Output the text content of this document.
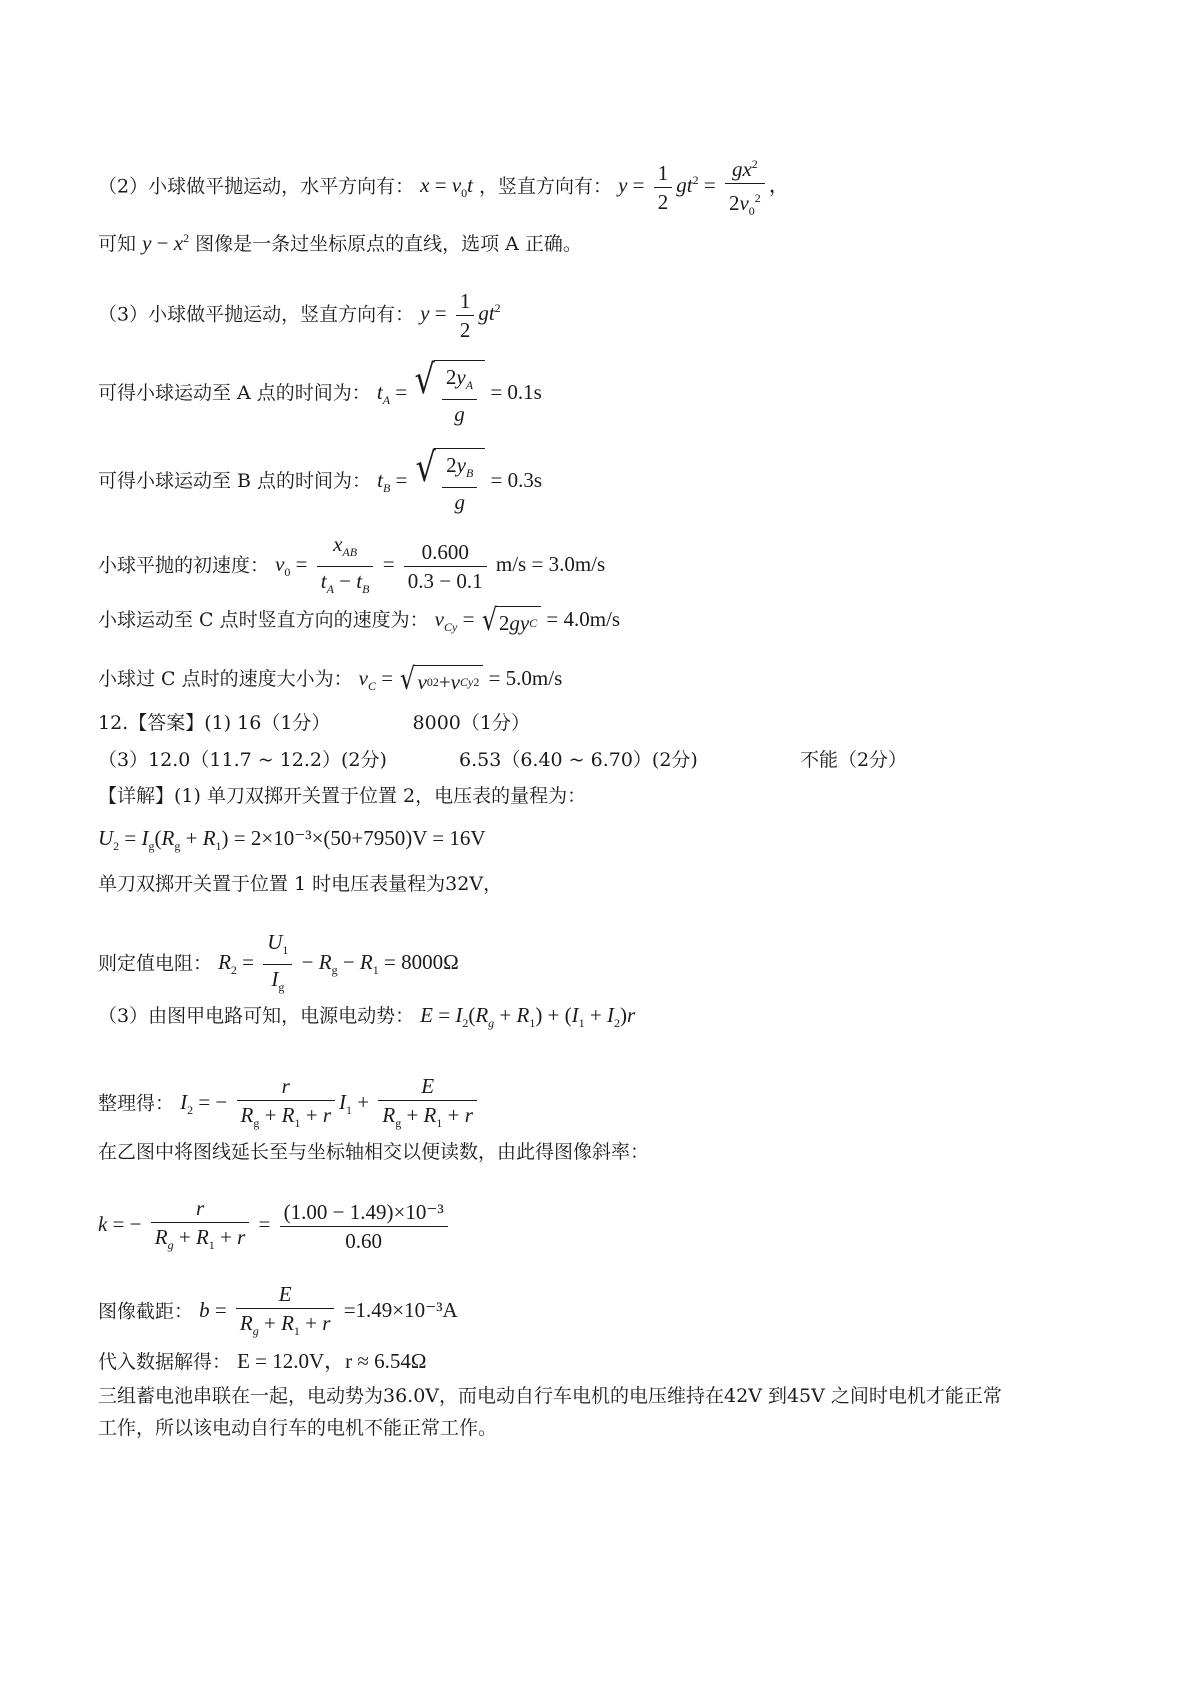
（2）小球做平抛运动，水平方向有： $x = v_0t$ ，竖直方向有： $y = \frac{1}{2} gt^2 = \frac{gx^2}{2v_0^2}$ ，
可知 $y - x^2$ 图像是一条过坐标原点的直线，选项 A 正确。
（3）小球做平抛运动，竖直方向有： $y = \frac{1}{2} gt^2$
可得小球运动至 A 点的时间为： $t_A$ = √ $\frac{2y_A}{g} = 0.1s$
可得小球运动至 B 点的时间为： $t_B$ = √ $\frac{2y_B}{g} = 0.3s$
小球平抛的初速度： $v_0 = \frac{x_{AB}}{t_A - t_B} = \frac{0.600}{0.3 - 0.1} m/s = 3.0m/s$
小球运动至 C 点时竖直方向的速度为： $v_{Cy}$ = √ 2 gy C = 4.0m/s
小球过 C 点时的速度大小为： $v_C$ = √ v 0 2 + v Cy 2 = 5.0m/s
12.【答案】(1) 16（1分）	8000（1分）
（3）12.0（11.7 ~ 12.2）(2分)	6.53（6.40 ~ 6.70）(2分)	不能（2分）
【详解】(1) 单刀双掷开关置于位置 2，电压表的量程为：
$U_2 = I_g(R_g + R_1) = 2\times 10^{-3}\times(50+7950)V = 16V$
单刀双掷开关置于位置 1 时电压表量程为32V，
则定值电阻： $R_2 = \frac{U_1}{I_g} - R_g - R_1 = 8000\Omega$
（3）由图甲电路可知，电源电动势： $E = I_2(R_g + R_1) + (I_1 + I_2)r$
整理得： $I_2$ = − $\frac{r}{R_g + R_1 + r} I_1 + \frac{E}{R_g + R_1 + r}$
在乙图中将图线延长至与坐标轴相交以便读数，由此得图像斜率：
k = − $\frac{r}{R_g + R_1 + r} = \frac{\text{(1.00 − 1.49)×10⁻³}}{0.60}$
图像截距： $b = \frac{E}{R_g + R_1 + r} =1.49\times 10^{-3}A$
代入数据解得： E = 12.0V，r ≈ 6.54Ω
三组蓄电池串联在一起，电动势为36.0V，而电动自行车电机的电压维持在42V 到45V 之间时电机才能正常
工作，所以该电动自行车的电机不能正常工作。
